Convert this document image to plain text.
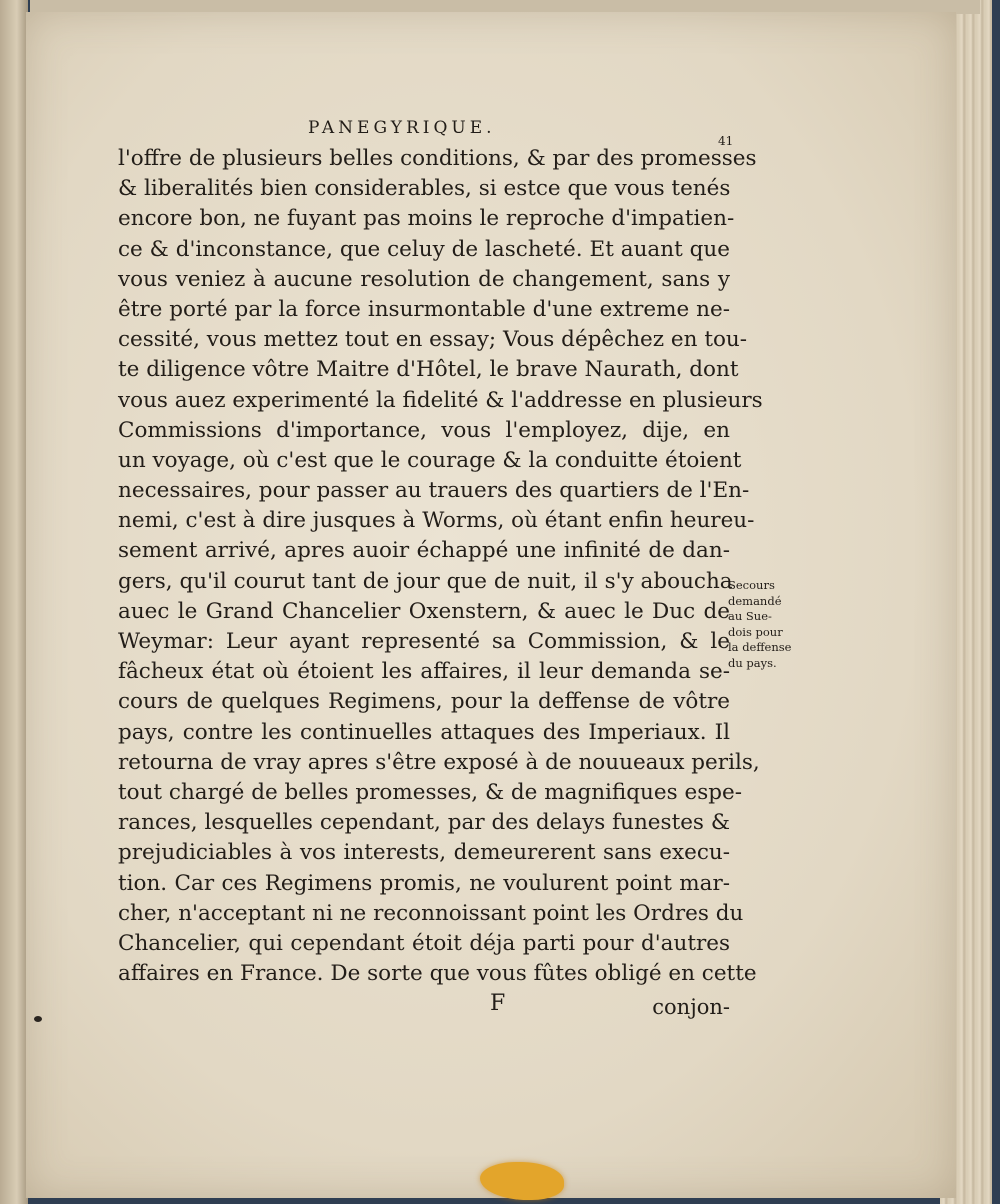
PANEGYRIQUE.
41
l'offre de plusieurs belles conditions, & par des promesses
& liberalités bien considerables, si estce que vous tenés
encore bon, ne fuyant pas moins le reproche d'impatien-
ce & d'inconstance, que celuy de lascheté. Et auant que
vous veniez à aucune resolution de changement, sans y
être porté par la force insurmontable d'une extreme ne-
cessité, vous mettez tout en essay; Vous dépêchez en tou-
te diligence vôtre Maitre d'Hôtel, le brave Naurath, dont
vous auez experimenté la fidelité & l'addresse en plusieurs
Commissions d'importance, vous l'employez, dije, en
un voyage, où c'est que le courage & la conduitte étoient
necessaires, pour passer au trauers des quartiers de l'En-
nemi, c'est à dire jusques à Worms, où étant enfin heureu-
sement arrivé, apres auoir échappé une infinité de dan-
gers, qu'il courut tant de jour que de nuit, il s'y aboucha
auec le Grand Chancelier Oxenstern, & auec le Duc de
Weymar: Leur ayant representé sa Commission, & le
fâcheux état où étoient les affaires, il leur demanda se-
cours de quelques Regimens, pour la deffense de vôtre
pays, contre les continuelles attaques des Imperiaux. Il
retourna de vray apres s'être exposé à de nouueaux perils,
tout chargé de belles promesses, & de magnifiques espe-
rances, lesquelles cependant, par des delays funestes &
prejudiciables à vos interests, demeurerent sans execu-
tion. Car ces Regimens promis, ne voulurent point mar-
cher, n'acceptant ni ne reconnoissant point les Ordres du
Chancelier, qui cependant étoit déja parti pour d'autres
affaires en France. De sorte que vous fûtes obligé en cette
F	conjon-
Secours
demandé
au Sue-
dois pour
la deffense
du pays.
